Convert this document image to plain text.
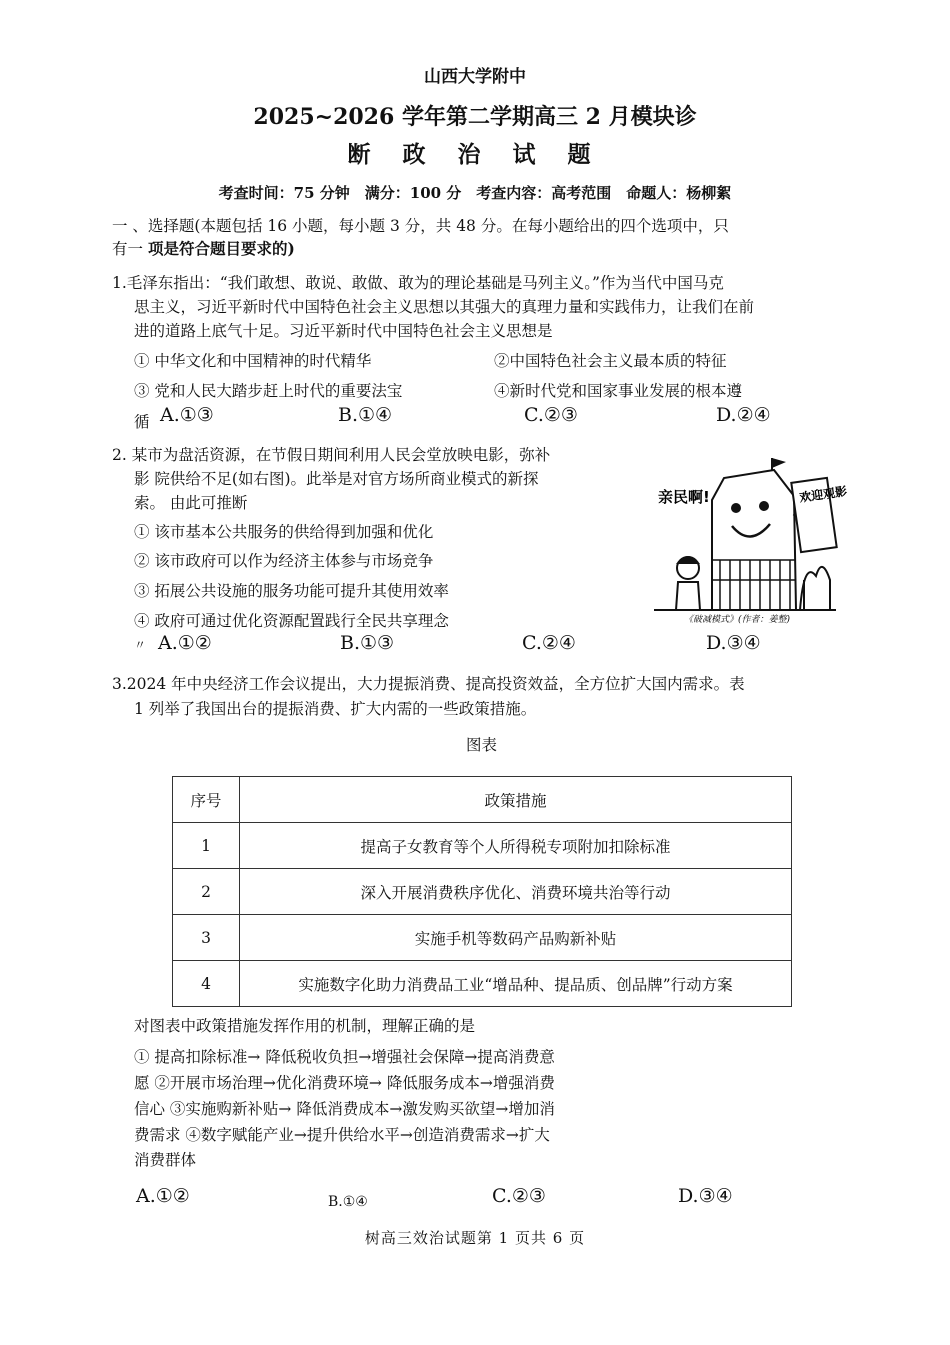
山西大学附中
2025~2026 学年第二学期高三 2 月模块诊
断 政 治 试 题
考查时间：75 分钟　满分：100 分　考查内容：高考范围　命题人：杨柳絮
一 、选择题(本题包括 16 小题，每小题 3 分，共 48 分。在每小题给出的四个选项中，只
有一 项是符合题目要求的)
1.毛泽东指出：“我们敢想、敢说、敢做、敢为的理论基础是马列主义。”作为当代中国马克
思主义，习近平新时代中国特色社会主义思想以其强大的真理力量和实践伟力，让我们在前
进的道路上底气十足。习近平新时代中国特色社会主义思想是
① 中华文化和中国精神的时代精华	②中国特色社会主义最本质的特征
③ 党和人民大踏步赶上时代的重要法宝	④新时代党和国家事业发展的根本遵
循 A.①③	B.①④	C.②③	D.②④
2. 某市为盘活资源，在节假日期间利用人民会堂放映电影，弥补
影 院供给不足(如右图)。此举是对官方场所商业模式的新探
索。 由此可推断
① 该市基本公共服务的供给得到加强和优化
② 该市政府可以作为经济主体参与市场竞争
③ 拓展公共设施的服务功能可提升其使用效率
④ 政府可通过优化资源配置践行全民共享理念
〃 A.①②	B.①③	C.②④	D.③④
亲民啊!	欢迎观影
《破减模式》(作者：姜整)
3.2024 年中央经济工作会议提出，大力提振消费、提高投资效益，全方位扩大国内需求。表
1 列举了我国出台的提振消费、扩大内需的一些政策措施。
图表
序号	政策措施
1	提高子女教育等个人所得税专项附加扣除标准
2	深入开展消费秩序优化、消费环境共治等行动
3	实施手机等数码产品购新补贴
4	实施数字化助力消费品工业“增品种、提品质、创品牌”行动方案
对图表中政策措施发挥作用的机制，理解正确的是
① 提高扣除标准→ 降低税收负担→增强社会保障→提高消费意
愿 ②开展市场治理→优化消费环境→ 降低服务成本→增强消费
信心 ③实施购新补贴→ 降低消费成本→激发购买欲望→增加消
费需求 ④数字赋能产业→提升供给水平→创造消费需求→扩大
消费群体
A.①②	B.①④	C.②③	D.③④
树高三效治试题第 1 页共 6 页
